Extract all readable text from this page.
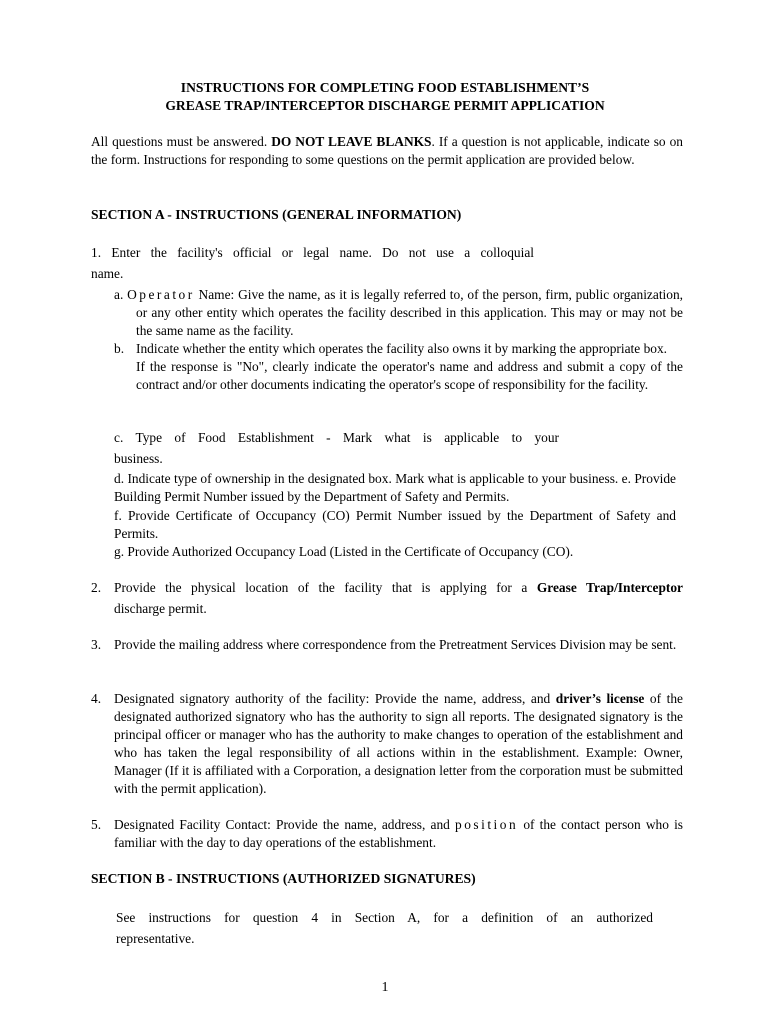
INSTRUCTIONS FOR COMPLETING FOOD ESTABLISHMENT’S
GREASE TRAP/INTERCEPTOR DISCHARGE PERMIT APPLICATION

All questions must be answered. DO NOT LEAVE BLANKS. If a question is not applicable, indicate so on the form. Instructions for responding to some questions on the permit application are provided below.

SECTION A - INSTRUCTIONS (GENERAL INFORMATION)
1. Enter the facility's official or legal name. Do not use a colloquial
name.

a. Operator Name: Give the name, as it is legally referred to, of the person, firm, public organization, or any other entity which operates the facility described in this application. This may or may not be the same name as the facility.

b. Indicate whether the entity which operates the facility also owns it by marking the appropriate box.

If the response is "No", clearly indicate the operator's name and address and submit a copy of the contract and/or other documents indicating the operator's scope of responsibility for the facility.

c. Type of Food Establishment - Mark what is applicable to your
business.
d. Indicate type of ownership in the designated box. Mark what is applicable to your business. e. Provide Building Permit Number issued by the Department of Safety and Permits.
f. Provide Certificate of Occupancy (CO) Permit Number issued by the Department of Safety and Permits.
g. Provide Authorized Occupancy Load (Listed in the Certificate of Occupancy (CO).
2. Provide the physical location of the facility that is applying for a Grease Trap/Interceptor
discharge permit.
3. Provide the mailing address where correspondence from the Pretreatment Services Division may be sent.
4. Designated signatory authority of the facility: Provide the name, address, and driver’s license of the designated authorized signatory who has the authority to sign all reports. The designated signatory is the principal officer or manager who has the authority to make changes to operation of the establishment and who has taken the legal responsibility of all actions within in the establishment. Example: Owner, Manager (If it is affiliated with a Corporation, a designation letter from the corporation must be submitted with the permit application).

5. Designated Facility Contact: Provide the name, address, and position of the contact person who is familiar with the day to day operations of the establishment.

SECTION B - INSTRUCTIONS (AUTHORIZED SIGNATURES)
See instructions for question 4 in Section A, for a definition of an authorized
representative.
1
